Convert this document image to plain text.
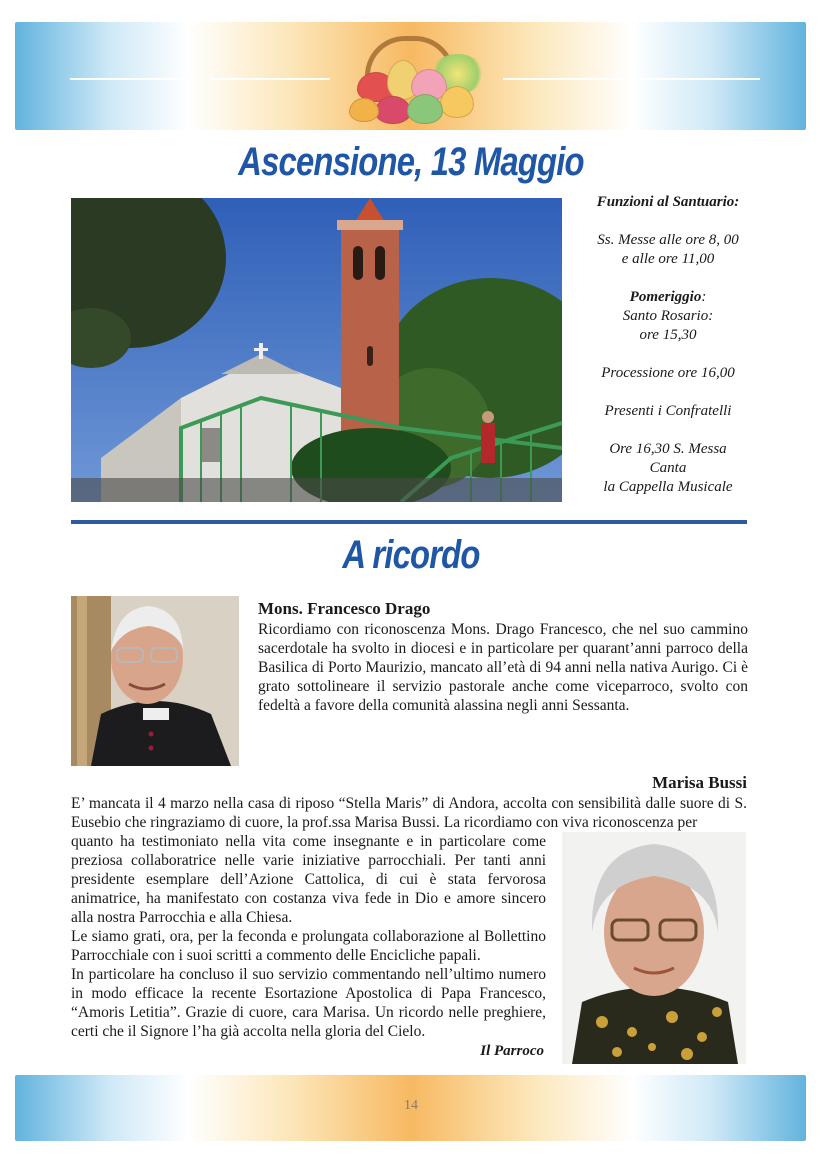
Ascensione, 13 Maggio

Funzioni al Santuario:

Ss. Messe alle ore 8, 00
e alle ore 11,00

Pomeriggio:
Santo Rosario:
ore 15,30

Processione ore 16,00

Presenti i Confratelli

Ore 16,30 S. Messa
Canta
la Cappella Musicale

A ricordo
Mons. Francesco Drago
Ricordiamo con riconoscenza Mons. Drago Francesco, che nel suo cammino sacerdotale ha svolto in diocesi e in particolare per quarant’anni parroco della Basilica di Porto Maurizio, mancato all’età di 94 anni nella nativa Aurigo. Ci è grato sottolineare il servizio pastorale anche come viceparroco, svolto con fedeltà a favore della comunità alassina negli anni Sessanta.
Marisa Bussi
E’ mancata il 4 marzo nella casa di riposo “Stella Maris” di Andora, accolta con sensibilità dalle suore di S. Eusebio che ringraziamo di cuore, la prof.ssa Marisa Bussi. La ricordiamo con viva riconoscenza per
quanto ha testimoniato nella vita come insegnante e in particolare come preziosa collaboratrice nelle varie iniziative parrocchiali. Per tanti anni presidente esemplare dell’Azione Cattolica, di cui è stata fervorosa animatrice, ha manifestato con costanza viva fede in Dio e amore sincero alla nostra Parrocchia e alla Chiesa.
Le siamo grati, ora, per la feconda e prolungata collaborazione al Bollettino Parrocchiale con i suoi scritti a commento delle Encicliche papali.
In particolare ha concluso il suo servizio commentando nell’ultimo numero in modo efficace la recente Esortazione Apostolica di Papa Francesco, “Amoris Letitia”. Grazie di cuore, cara Marisa. Un ricordo nelle preghiere, certi che il Signore l’ha già accolta nella gloria del Cielo.
Il Parroco
14
